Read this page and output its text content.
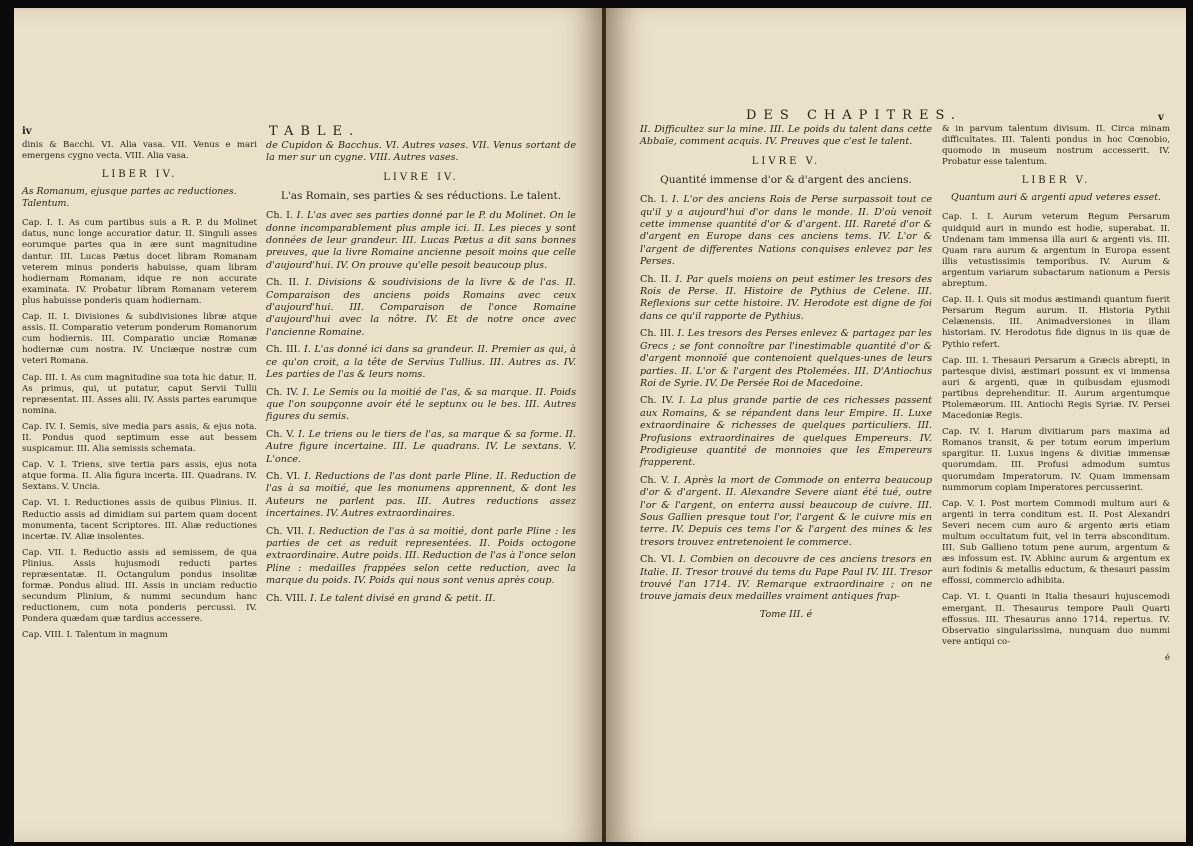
iv	TABLE.

dinis & Bacchi. VI. Alia vasa. VII. Venus e mari emergens cygno vecta. VIII. Alia vasa.

LIBER IV.
As Romanum, ejusque partes ac reductiones. Talentum.

Cap. I. I. As cum partibus suis a R. P. du Molinet datus, nunc longe accuratior datur. II. Singuli asses eorumque partes qua in ære sunt magnitudine dantur. III. Lucas Pætus docet libram Romanam veterem minus ponderis habuisse, quam libram hodiernam Romanam, idque re non accurate examinata. IV. Probatur libram Romanam veterem plus habuisse ponderis quam hodiernam.

Cap. II. I. Divisiones & subdivisiones libræ atque assis. II. Comparatio veterum ponderum Romanorum cum hodiernis. III. Comparatio unciæ Romanæ hodiernæ cum nostra. IV. Unciæque nostræ cum veteri Romana.

Cap. III. I. As cum magnitudine sua tota hic datur. II. As primus, qui, ut putatur, caput Servii Tullii repræsentat. III. Asses alii. IV. Assis partes earumque nomina.

Cap. IV. I. Semis, sive media pars assis, & ejus nota. II. Pondus quod septimum esse aut bessem suspicamur. III. Alia semissis schemata.

Cap. V. I. Triens, sive tertia pars assis, ejus nota atque forma. II. Alia figura incerta. III. Quadrans. IV. Sextans. V. Uncia.

Cap. VI. I. Reductiones assis de quibus Plinius. II. Reductio assis ad dimidiam sui partem quam docent monumenta, tacent Scriptores. III. Aliæ reductiones incertæ. IV. Aliæ insolentes.

Cap. VII. I. Reductio assis ad semissem, de qua Plinius. Assis hujusmodi reducti partes repræsentatæ. II. Octangulum pondus insolitæ formæ. Pondus aliud. III. Assis in unciam reductio secundum Plinium, & nummi secundum hanc reductionem, cum nota ponderis percussi. IV. Pondera quædam quæ tardius accessere.

Cap. VIII. I. Talentum in magnum

de Cupidon & Bacchus. VI. Autres vases. VII. Venus sortant de la mer sur un cygne. VIII. Autres vases.

LIVRE IV.
L'as Romain, ses parties & ses réductions. Le talent.

Ch. I. I. L'as avec ses parties donné par le P. du Molinet. On le donne incomparablement plus ample ici. II. Les pieces y sont données de leur grandeur. III. Lucas Pætus a dit sans bonnes preuves, que la livre Romaine ancienne pesoit moins que celle d'aujourd'hui. IV. On prouve qu'elle pesoit beaucoup plus.

Ch. II. I. Divisions & soudivisions de la livre & de l'as. II. Comparaison des anciens poids Romains avec ceux d'aujourd'hui. III. Comparaison de l'once Romaine d'aujourd'hui avec la nôtre. IV. Et de notre once avec l'ancienne Romaine.

Ch. III. I. L'as donné ici dans sa grandeur. II. Premier as qui, à ce qu'on croit, a la tête de Servius Tullius. III. Autres as. IV. Les parties de l'as & leurs noms.

Ch. IV. I. Le Semis ou la moitié de l'as, & sa marque. II. Poids que l'on soupçonne avoir été le septunx ou le bes. III. Autres figures du semis.

Ch. V. I. Le triens ou le tiers de l'as, sa marque & sa forme. II. Autre figure incertaine. III. Le quadrans. IV. Le sextans. V. L'once.

Ch. VI. I. Reductions de l'as dont parle Pline. II. Reduction de l'as à sa moitié, que les monumens apprennent, & dont les Auteurs ne parlent pas. III. Autres reductions assez incertaines. IV. Autres extraordinaires.

Ch. VII. I. Reduction de l'as à sa moitié, dont parle Pline : les parties de cet as reduit representées. II. Poids octogone extraordinaire. Autre poids. III. Reduction de l'as à l'once selon Pline : medailles frappées selon cette reduction, avec la marque du poids. IV. Poids qui nous sont venus après coup.

Ch. VIII. I. Le talent divisé en grand & petit. II.

DES CHAPITRES.	v

II. Difficultez sur la mine. III. Le poids du talent dans cette Abbaïe, comment acquis. IV. Preuves que c'est le talent.

LIVRE V.
Quantité immense d'or & d'argent des anciens.

Ch. I. I. L'or des anciens Rois de Perse surpassoit tout ce qu'il y a aujourd'hui d'or dans le monde. II. D'où venoit cette immense quantité d'or & d'argent. III. Rareté d'or & d'argent en Europe dans ces anciens tems. IV. L'or & l'argent de differentes Nations conquises enlevez par les Perses.

Ch. II. I. Par quels moiens on peut estimer les tresors des Rois de Perse. II. Histoire de Pythius de Celene. III. Reflexions sur cette histoire. IV. Herodote est digne de foi dans ce qu'il rapporte de Pythius.

Ch. III. I. Les tresors des Perses enlevez & partagez par les Grecs ; se font connoître par l'inestimable quantité d'or & d'argent monnoïé que contenoient quelques-unes de leurs parties. II. L'or & l'argent des Ptolemées. III. D'Antiochus Roi de Syrie. IV. De Persée Roi de Macedoine.

Ch. IV. I. La plus grande partie de ces richesses passent aux Romains, & se répandent dans leur Empire. II. Luxe extraordinaire & richesses de quelques particuliers. III. Profusions extraordinaires de quelques Empereurs. IV. Prodigieuse quantité de monnoies que les Empereurs frapperent.

Ch. V. I. Après la mort de Commode on enterra beaucoup d'or & d'argent. II. Alexandre Severe aiant été tué, outre l'or & l'argent, on enterra aussi beaucoup de cuivre. III. Sous Gallien presque tout l'or, l'argent & le cuivre mis en terre. IV. Depuis ces tems l'or & l'argent des mines & les tresors trouvez entretenoient le commerce.

Ch. VI. I. Combien on decouvre de ces anciens tresors en Italie. II. Tresor trouvé du tems du Pape Paul IV. III. Tresor trouvé l'an 1714. IV. Remarque extraordinaire ; on ne trouve jamais deux medailles vraiment antiques frap-

Tome III. é

& in parvum talentum divisum. II. Circa minam difficultates. III. Talenti pondus in hoc Cœnobio, quomodo in museum nostrum accesserit. IV. Probatur esse talentum.

LIBER V.
Quantum auri & argenti apud veteres esset.

Cap. I. I. Aurum veterum Regum Persarum quidquid auri in mundo est hodie, superabat. II. Undenam tam immensa illa auri & argenti vis. III. Quam rara aurum & argentum in Europa essent illis vetustissimis temporibus. IV. Aurum & argentum variarum subactarum nationum a Persis abreptum.

Cap. II. I. Quis sit modus æstimandi quantum fuerit Persarum Regum aurum. II. Historia Pythii Celænensis. III. Animadversiones in illam historiam. IV. Herodotus fide dignus in iis quæ de Pythio refert.

Cap. III. I. Thesauri Persarum a Græcis abrepti, in partesque divisi, æstimari possunt ex vi immensa auri & argenti, quæ in quibusdam ejusmodi partibus deprehenditur. II. Aurum argentumque Ptolemæorum. III. Antiochi Regis Syriæ. IV. Persei Macedoniæ Regis.

Cap. IV. I. Harum divitiarum pars maxima ad Romanos transit, & per totum eorum imperium spargitur. II. Luxus ingens & divitiæ immensæ quorumdam. III. Profusi admodum sumtus quorumdam Imperatorum. IV. Quam immensam nummorum copiam Imperatores percusserint.

Cap. V. I. Post mortem Commodi multum auri & argenti in terra conditum est. II. Post Alexandri Severi necem cum auro & argento æris etiam multum occultatum fuit, vel in terra absconditum. III. Sub Gallieno totum pene aurum, argentum & æs infossum est. IV. Abhinc aurum & argentum ex auri fodinis & metallis eductum, & thesauri passim effossi, commercio adhibita.

Cap. VI. I. Quanti in Italia thesauri hujuscemodi emergant. II. Thesaurus tempore Pauli Quarti effossus. III. Thesaurus anno 1714. repertus. IV. Observatio singularissima, nunquam duo nummi vere antiqui co-

é
